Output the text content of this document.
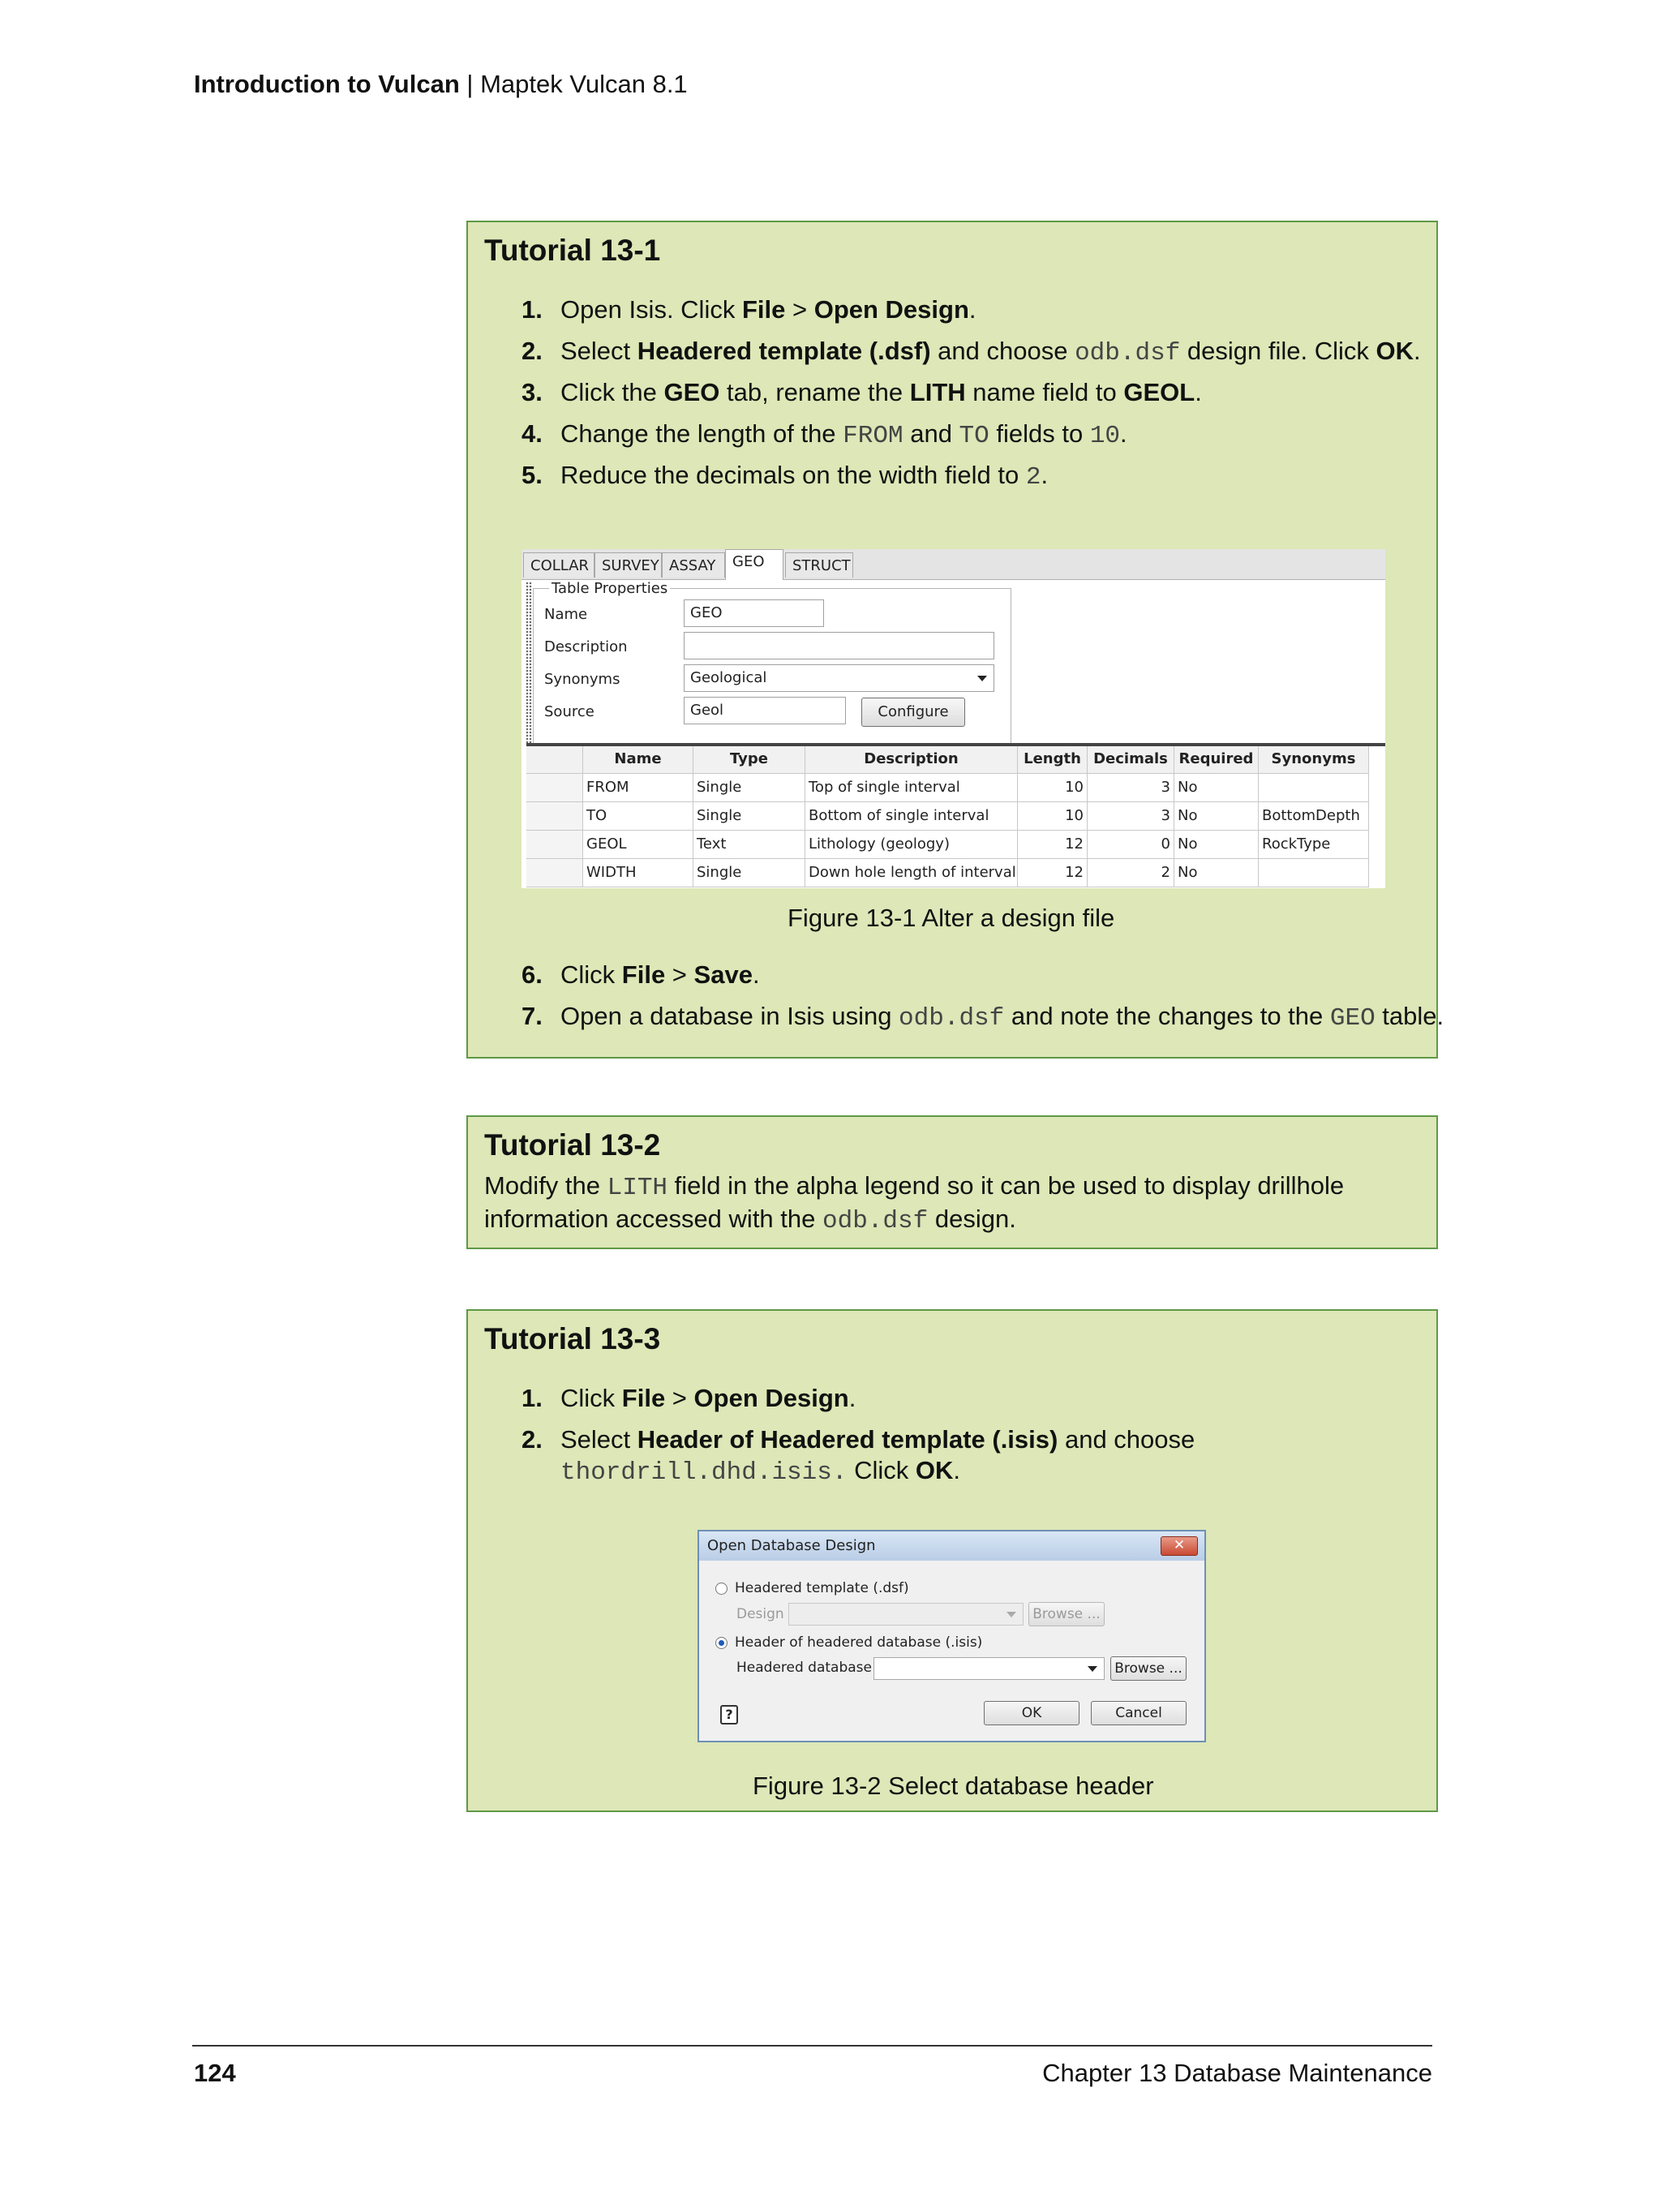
Introduction to Vulcan | Maptek Vulcan 8.1
Tutorial 13-1
1. Open Isis. Click File > Open Design.
2. Select Headered template (.dsf) and choose odb.dsf design file. Click OK.
3. Click the GEO tab, rename the LITH name field to GEOL.
4. Change the length of the FROM and TO fields to 10.
5. Reduce the decimals on the width field to 2.
COLLAR SURVEY ASSAY	GEO	STRUCT
Table Properties
Name	GEO
Description
Synonyms	Geological
Source	Geol	Configure
Name	Type	Description	Length Decimals Required	Synonyms
FROM	Single	Top of single interval	10	3 No
TO	Single	Bottom of single interval	10	3 No	BottomDepth
GEOL	Text	Lithology (geology)	12	0 No	RockType
WIDTH	Single	Down hole length of interval	12	2 No
Figure 13-1 Alter a design file
6. Click File > Save.
7. Open a database in Isis using odb.dsf and note the changes to the GEO table.
Tutorial 13-2
Modify the LITH field in the alpha legend so it can be used to display drillhole
information accessed with the odb.dsf design.
Tutorial 13-3
1. Click File > Open Design.
2. Select Header of Headered template (.isis) and choose
thordrill.dhd.isis. Click OK.
Open Database Design	✕
Headered template (.dsf)
Design	Browse ...
Header of headered database (.isis)
Headered database	Browse ...
?	OK	Cancel
Figure 13-2 Select database header
124	Chapter 13 Database Maintenance
